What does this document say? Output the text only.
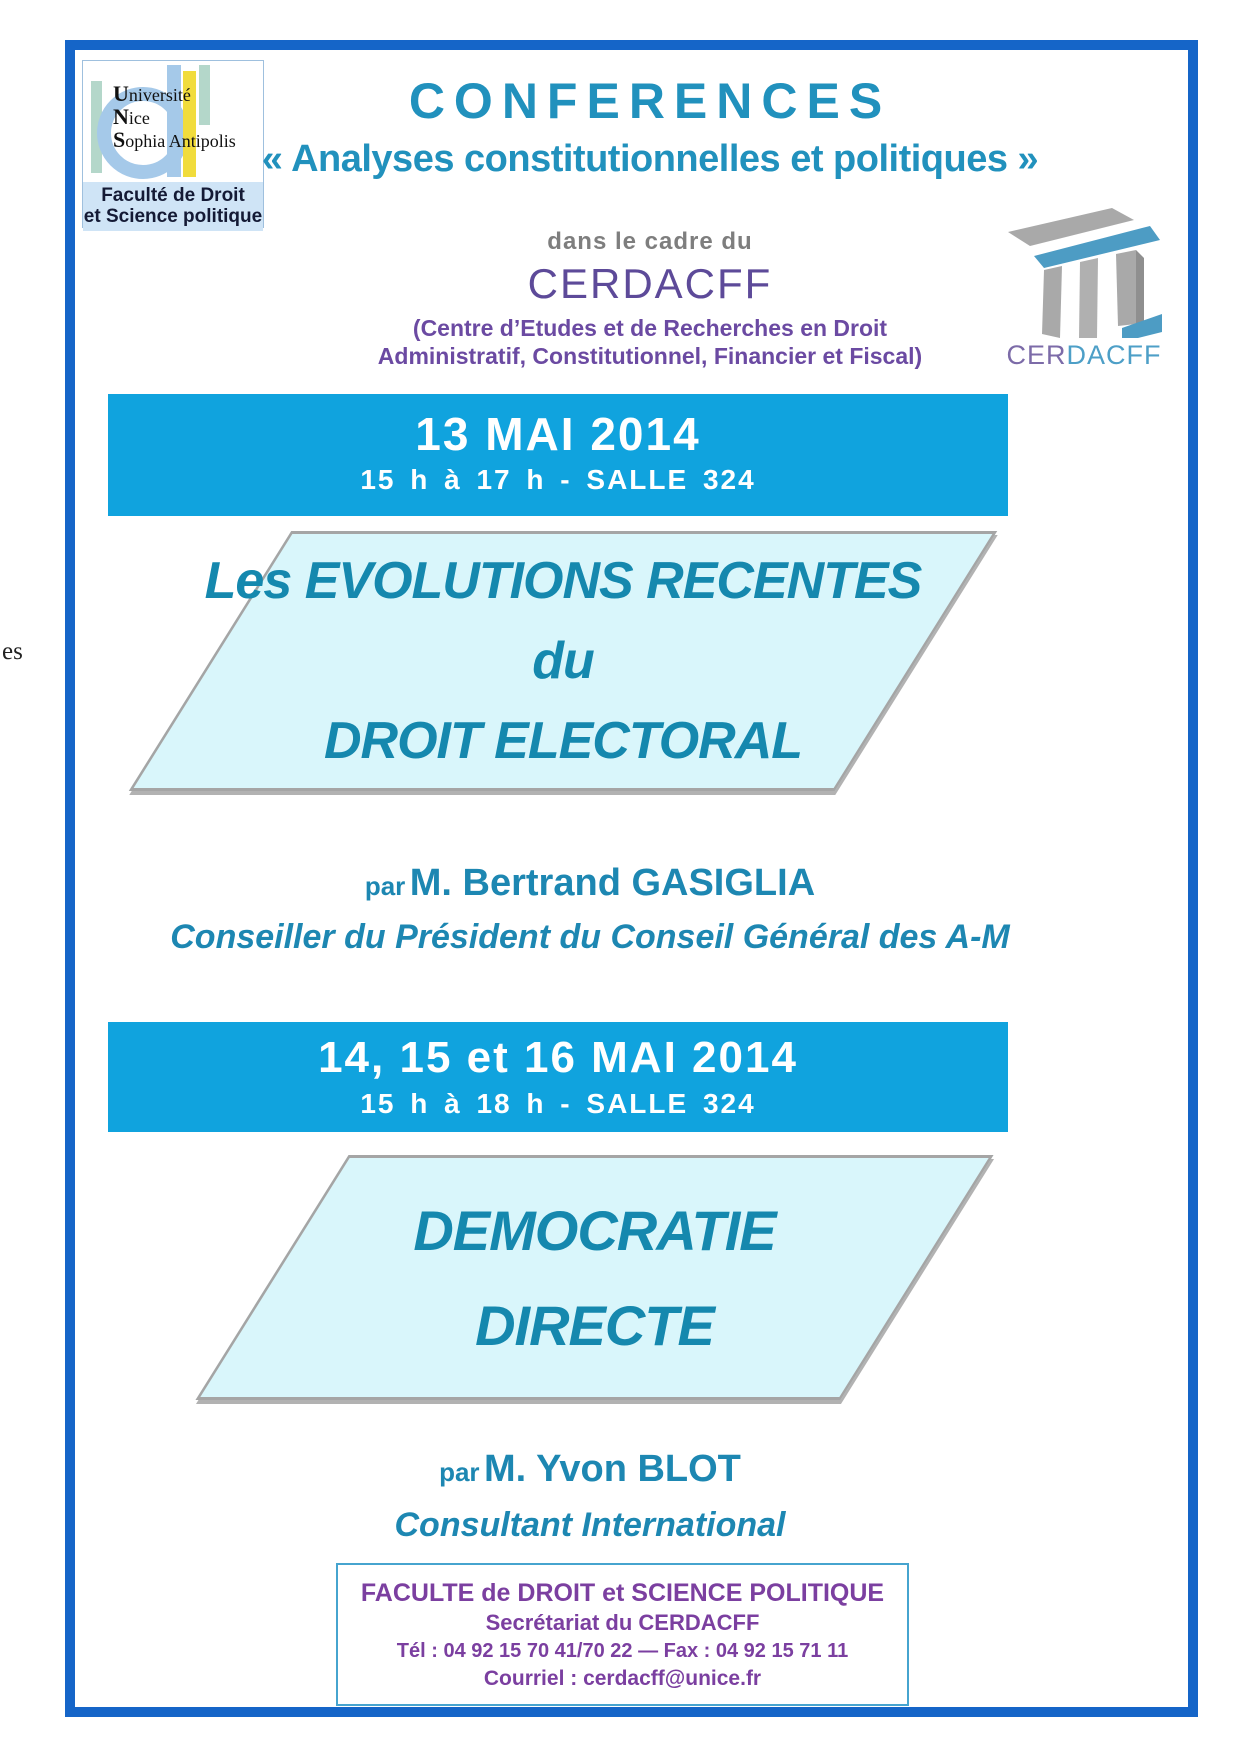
es
Université
Nice
Sophia Antipolis
Faculté de Droit
et Science politique
CONFERENCES
« Analyses constitutionnelles et politiques »
dans le cadre du
CERDACFF
(Centre d’Etudes et de Recherches en Droit
Administratif, Constitutionnel, Financier et Fiscal)	CERDACFF
13 MAI 2014
15 h à 17 h - SALLE 324
Les EVOLUTIONS RECENTES
du
DROIT ELECTORAL
par M. Bertrand GASIGLIA
Conseiller du Président du Conseil Général des A-M
14, 15 et 16 MAI 2014
15 h à 18 h - SALLE 324
DEMOCRATIE
DIRECTE
par M. Yvon BLOT
Consultant International
FACULTE de DROIT et SCIENCE POLITIQUE
Secrétariat du CERDACFF
Tél : 04 92 15 70 41/70 22 — Fax : 04 92 15 71 11
Courriel : cerdacff@unice.fr
